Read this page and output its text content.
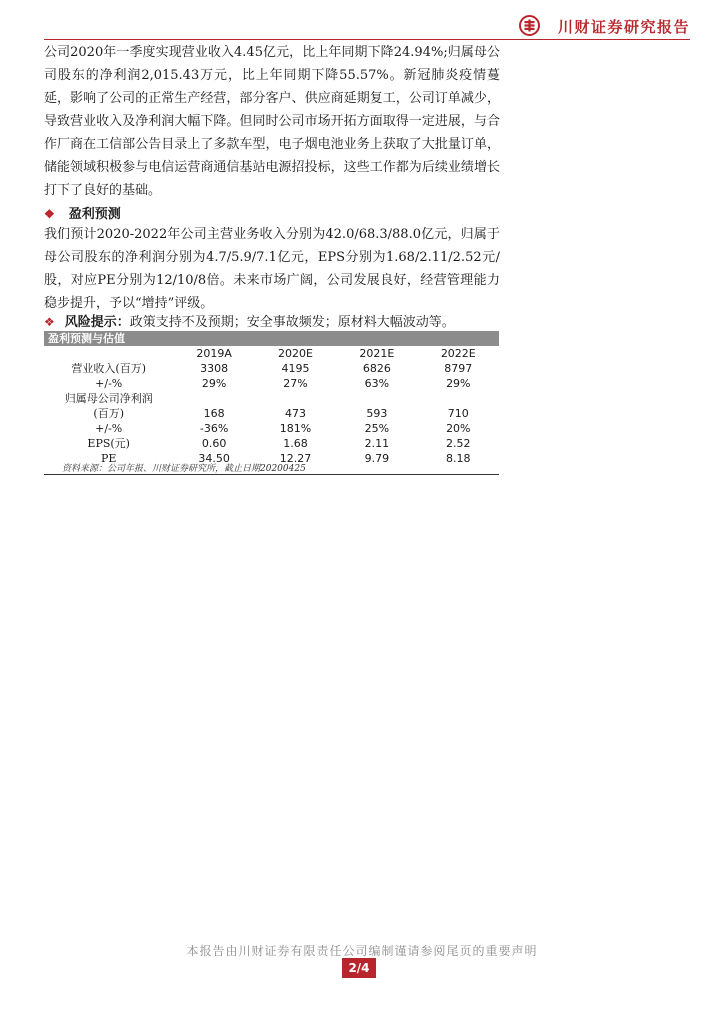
川财证券研究报告

公司2020年一季度实现营业收入4.45亿元，比上年同期下降24.94%;归属母公司股东的净利润2,015.43万元，比上年同期下降55.57%。新冠肺炎疫情蔓延，影响了公司的正常生产经营，部分客户、供应商延期复工，公司订单减少，导致营业收入及净利润大幅下降。但同时公司市场开拓方面取得一定进展，与合作厂商在工信部公告目录上了多款车型，电子烟电池业务上获取了大批量订单，储能领域积极参与电信运营商通信基站电源招投标，这些工作都为后续业绩增长打下了良好的基础。

❖ 盈利预测

我们预计2020-2022年公司主营业务收入分别为42.0/68.3/88.0亿元，归属于母公司股东的净利润分别为4.7/5.9/7.1亿元，EPS分别为1.68/2.11/2.52元/股，对应PE分别为12/10/8倍。未来市场广阔，公司发展良好，经营管理能力稳步提升，予以“增持”评级。

❖ 风险提示：政策支持不及预期；安全事故频发；原材料大幅波动等。
盈利预测与估值
	2019A	2020E	2021E	2022E
营业收入(百万)	3308	4195	6826	8797
+/-%	29%	27%	63%	29%
归属母公司净利润(百万)	168	473	593	710
+/-%	-36%	181%	25%	20%
EPS(元)	0.60	1.68	2.11	2.52
PE	34.50	12.27	9.79	8.18
资料来源：公司年报、川财证券研究所，截止日期20200425
本报告由川财证券有限责任公司编制谨请参阅尾页的重要声明
2/4
